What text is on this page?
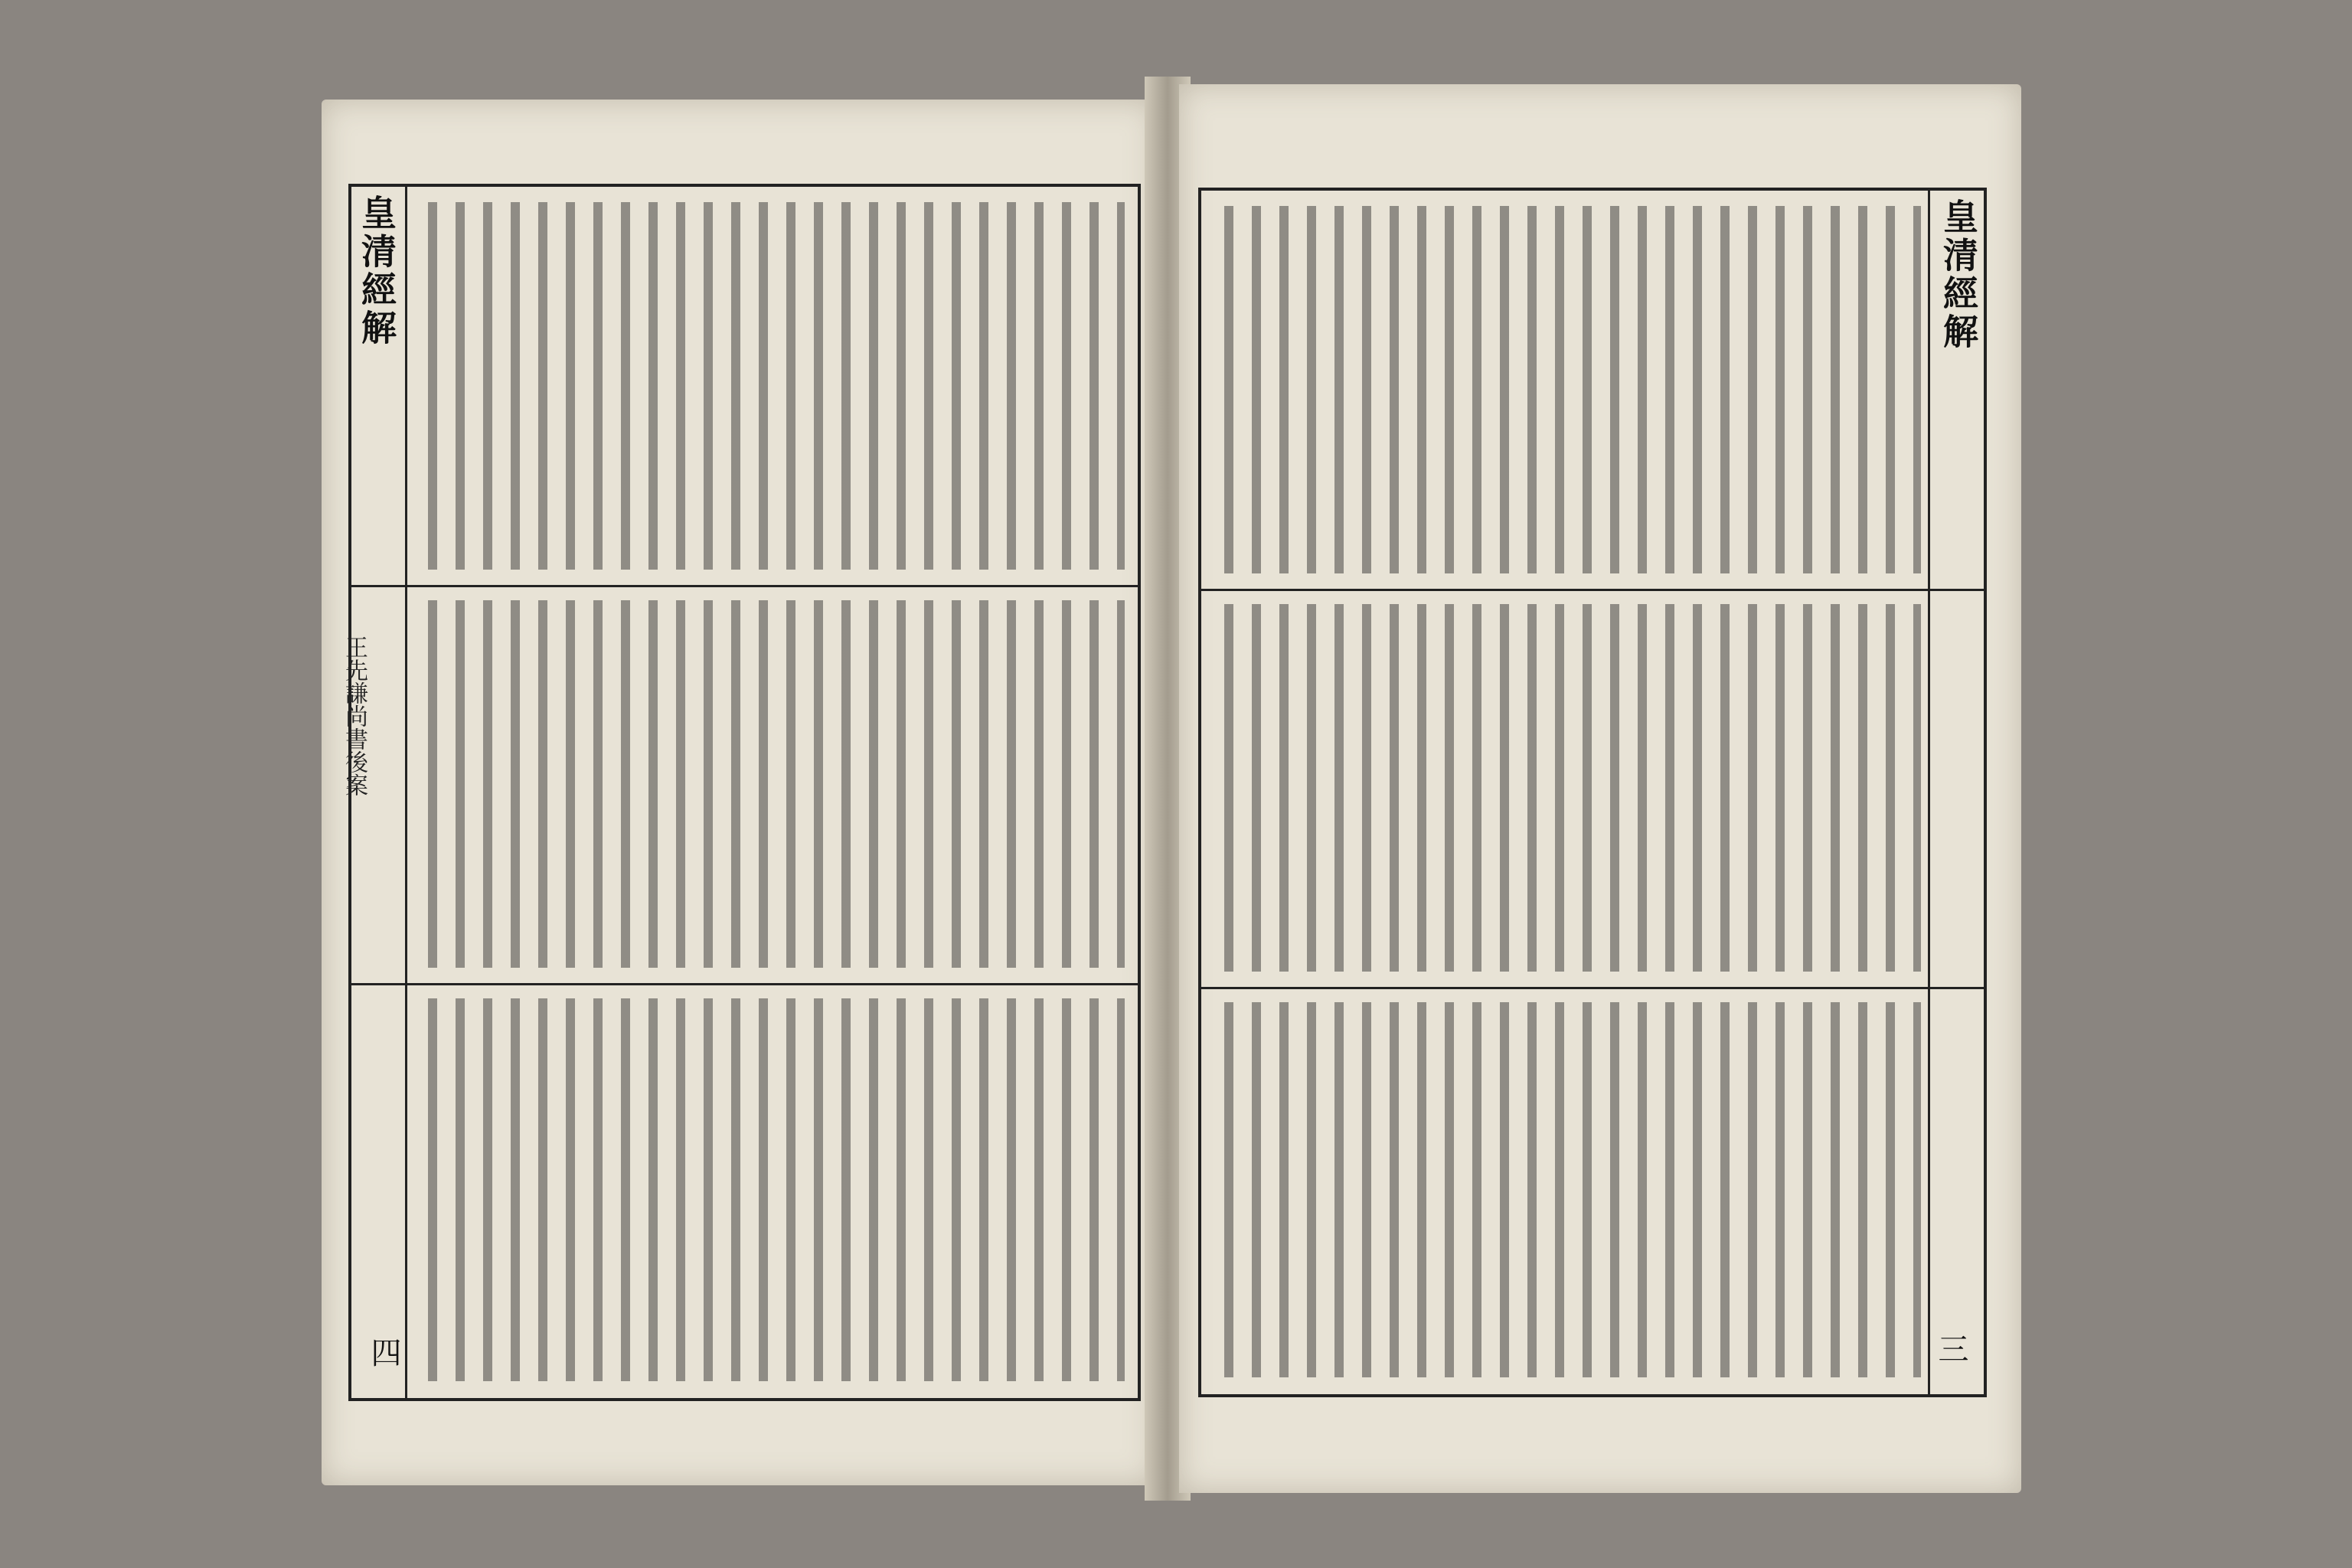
皇清經解
四
王先謙尚書後案
皇清經解
三
